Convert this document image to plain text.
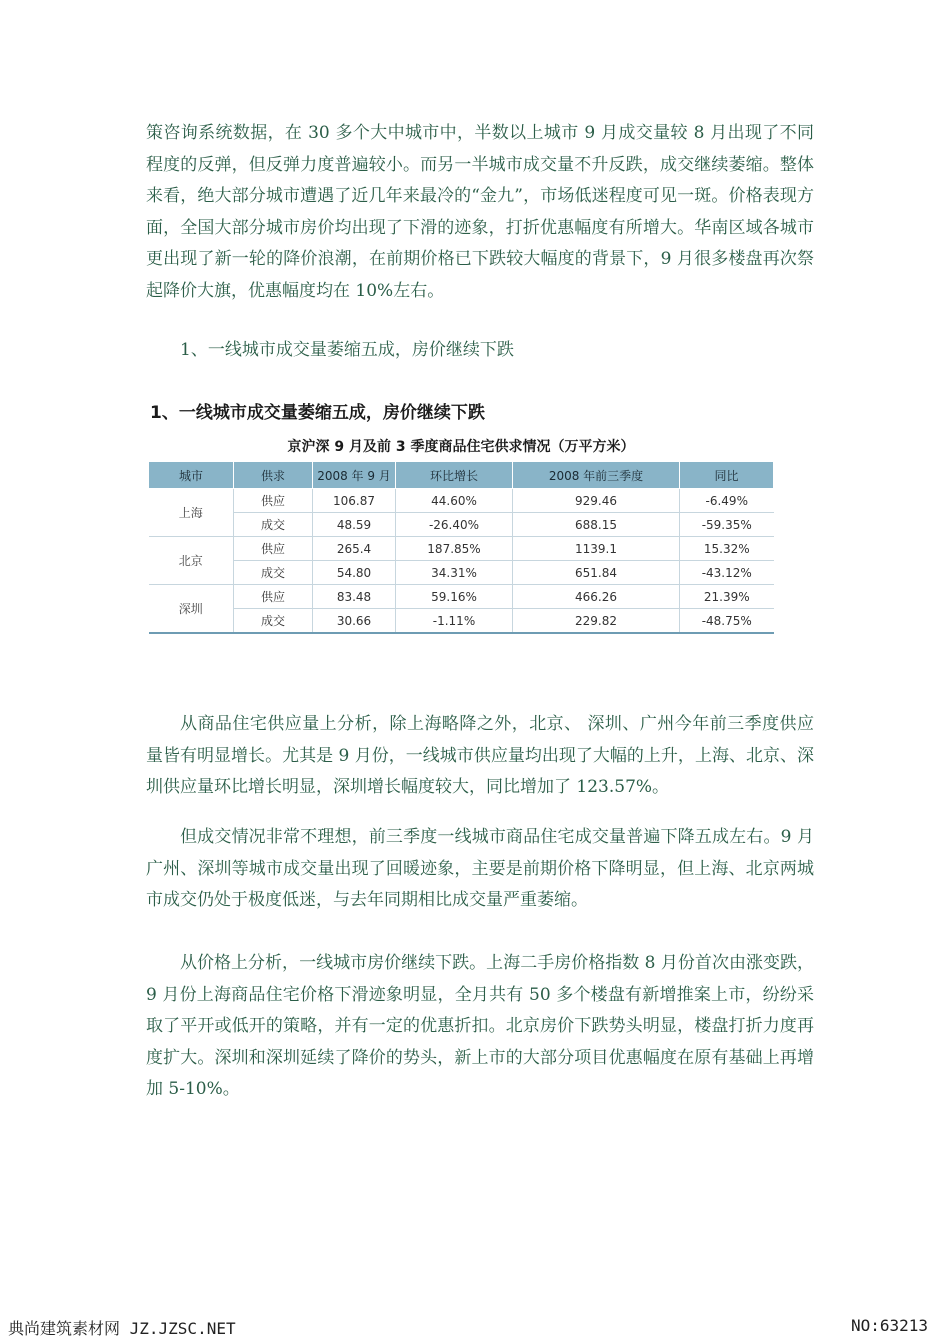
策咨询系统数据，在 30 多个大中城市中，半数以上城市 9 月成交量较 8 月出现了不同程度的反弹，但反弹力度普遍较小。而另一半城市成交量不升反跌，成交继续萎缩。整体来看，绝大部分城市遭遇了近几年来最冷的“金九”，市场低迷程度可见一斑。价格表现方面，全国大部分城市房价均出现了下滑的迹象，打折优惠幅度有所增大。华南区域各城市更出现了新一轮的降价浪潮，在前期价格已下跌较大幅度的背景下，9 月很多楼盘再次祭起降价大旗，优惠幅度均在 10%左右。

1、一线城市成交量萎缩五成，房价继续下跌

1、一线城市成交量萎缩五成，房价继续下跌

京沪深 9 月及前 3 季度商品住宅供求情况（万平方米）

城市	供求	2008 年 9 月	环比增长	2008 年前三季度	同比
上海	供应	106.87	44.60%	929.46	-6.49%
	成交	48.59	-26.40%	688.15	-59.35%
北京	供应	265.4	187.85%	1139.1	15.32%
	成交	54.80	34.31%	651.84	-43.12%
深圳	供应	83.48	59.16%	466.26	21.39%
	成交	30.66	-1.11%	229.82	-48.75%

从商品住宅供应量上分析，除上海略降之外，北京、 深圳、广州今年前三季度供应量皆有明显增长。尤其是 9 月份，一线城市供应量均出现了大幅的上升，上海、北京、深圳供应量环比增长明显，深圳增长幅度较大，同比增加了 123.57%。

但成交情况非常不理想，前三季度一线城市商品住宅成交量普遍下降五成左右。9 月广州、深圳等城市成交量出现了回暖迹象，主要是前期价格下降明显，但上海、北京两城市成交仍处于极度低迷，与去年同期相比成交量严重萎缩。

从价格上分析，一线城市房价继续下跌。上海二手房价格指数 8 月份首次由涨变跌，9 月份上海商品住宅价格下滑迹象明显，全月共有 50 多个楼盘有新增推案上市，纷纷采取了平开或低开的策略，并有一定的优惠折扣。北京房价下跌势头明显，楼盘打折力度再度扩大。深圳和深圳延续了降价的势头，新上市的大部分项目优惠幅度在原有基础上再增加 5-10%。

典尚建筑素材网 JZ.JZSC.NET	NO:63213
